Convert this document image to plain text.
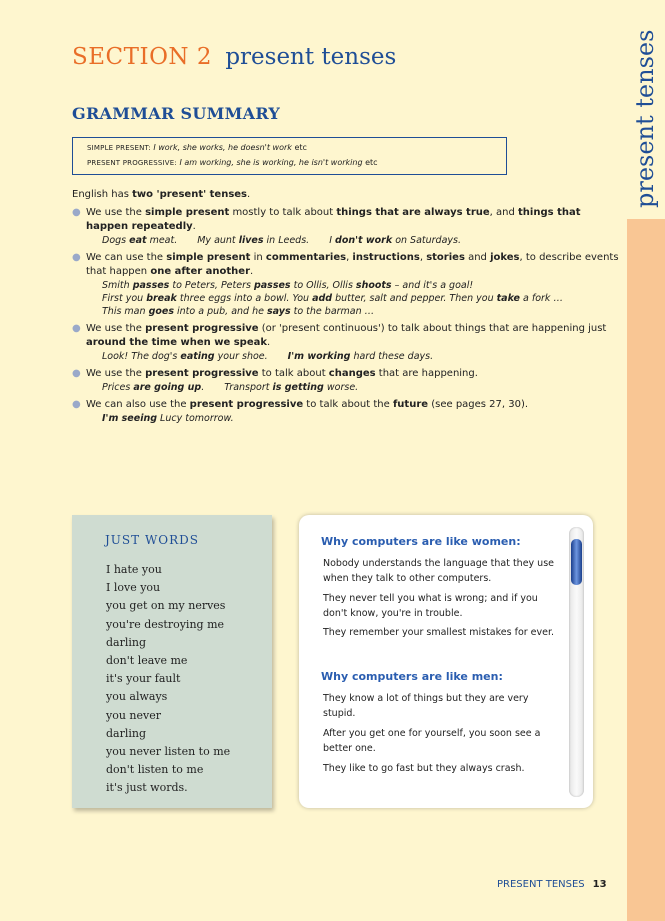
present tenses
SECTION 2 present tenses
GRAMMAR SUMMARY
SIMPLE PRESENT: I work, she works, he doesn't work etc
PRESENT PROGRESSIVE: I am working, she is working, he isn't working etc

English has two 'present' tenses.

● We use the simple present mostly to talk about things that are always true, and things that happen repeatedly.
Dogs eat meat. My aunt lives in Leeds. I don't work on Saturdays.
● We can use the simple present in commentaries, instructions, stories and jokes, to describe events that happen one after another.
Smith passes to Peters, Peters passes to Ollis, Ollis shoots – and it's a goal!
First you break three eggs into a bowl. You add butter, salt and pepper. Then you take a fork …
This man goes into a pub, and he says to the barman …
● We use the present progressive (or 'present continuous') to talk about things that are happening just around the time when we speak.
Look! The dog's eating your shoe. I'm working hard these days.
● We use the present progressive to talk about changes that are happening.
Prices are going up. Transport is getting worse.
● We can also use the present progressive to talk about the future (see pages 27, 30).
I'm seeing Lucy tomorrow.
JUST WORDS
I hate you
I love you
you get on my nerves
you're destroying me
darling
don't leave me
it's your fault
you always
you never
darling
you never listen to me
don't listen to me
it's just words.
Why computers are like women:
Nobody understands the language that they use when they talk to other computers.
They never tell you what is wrong; and if you don't know, you're in trouble.
They remember your smallest mistakes for ever.
Why computers are like men:
They know a lot of things but they are very stupid.
After you get one for yourself, you soon see a better one.
They like to go fast but they always crash.
PRESENT TENSES 13
